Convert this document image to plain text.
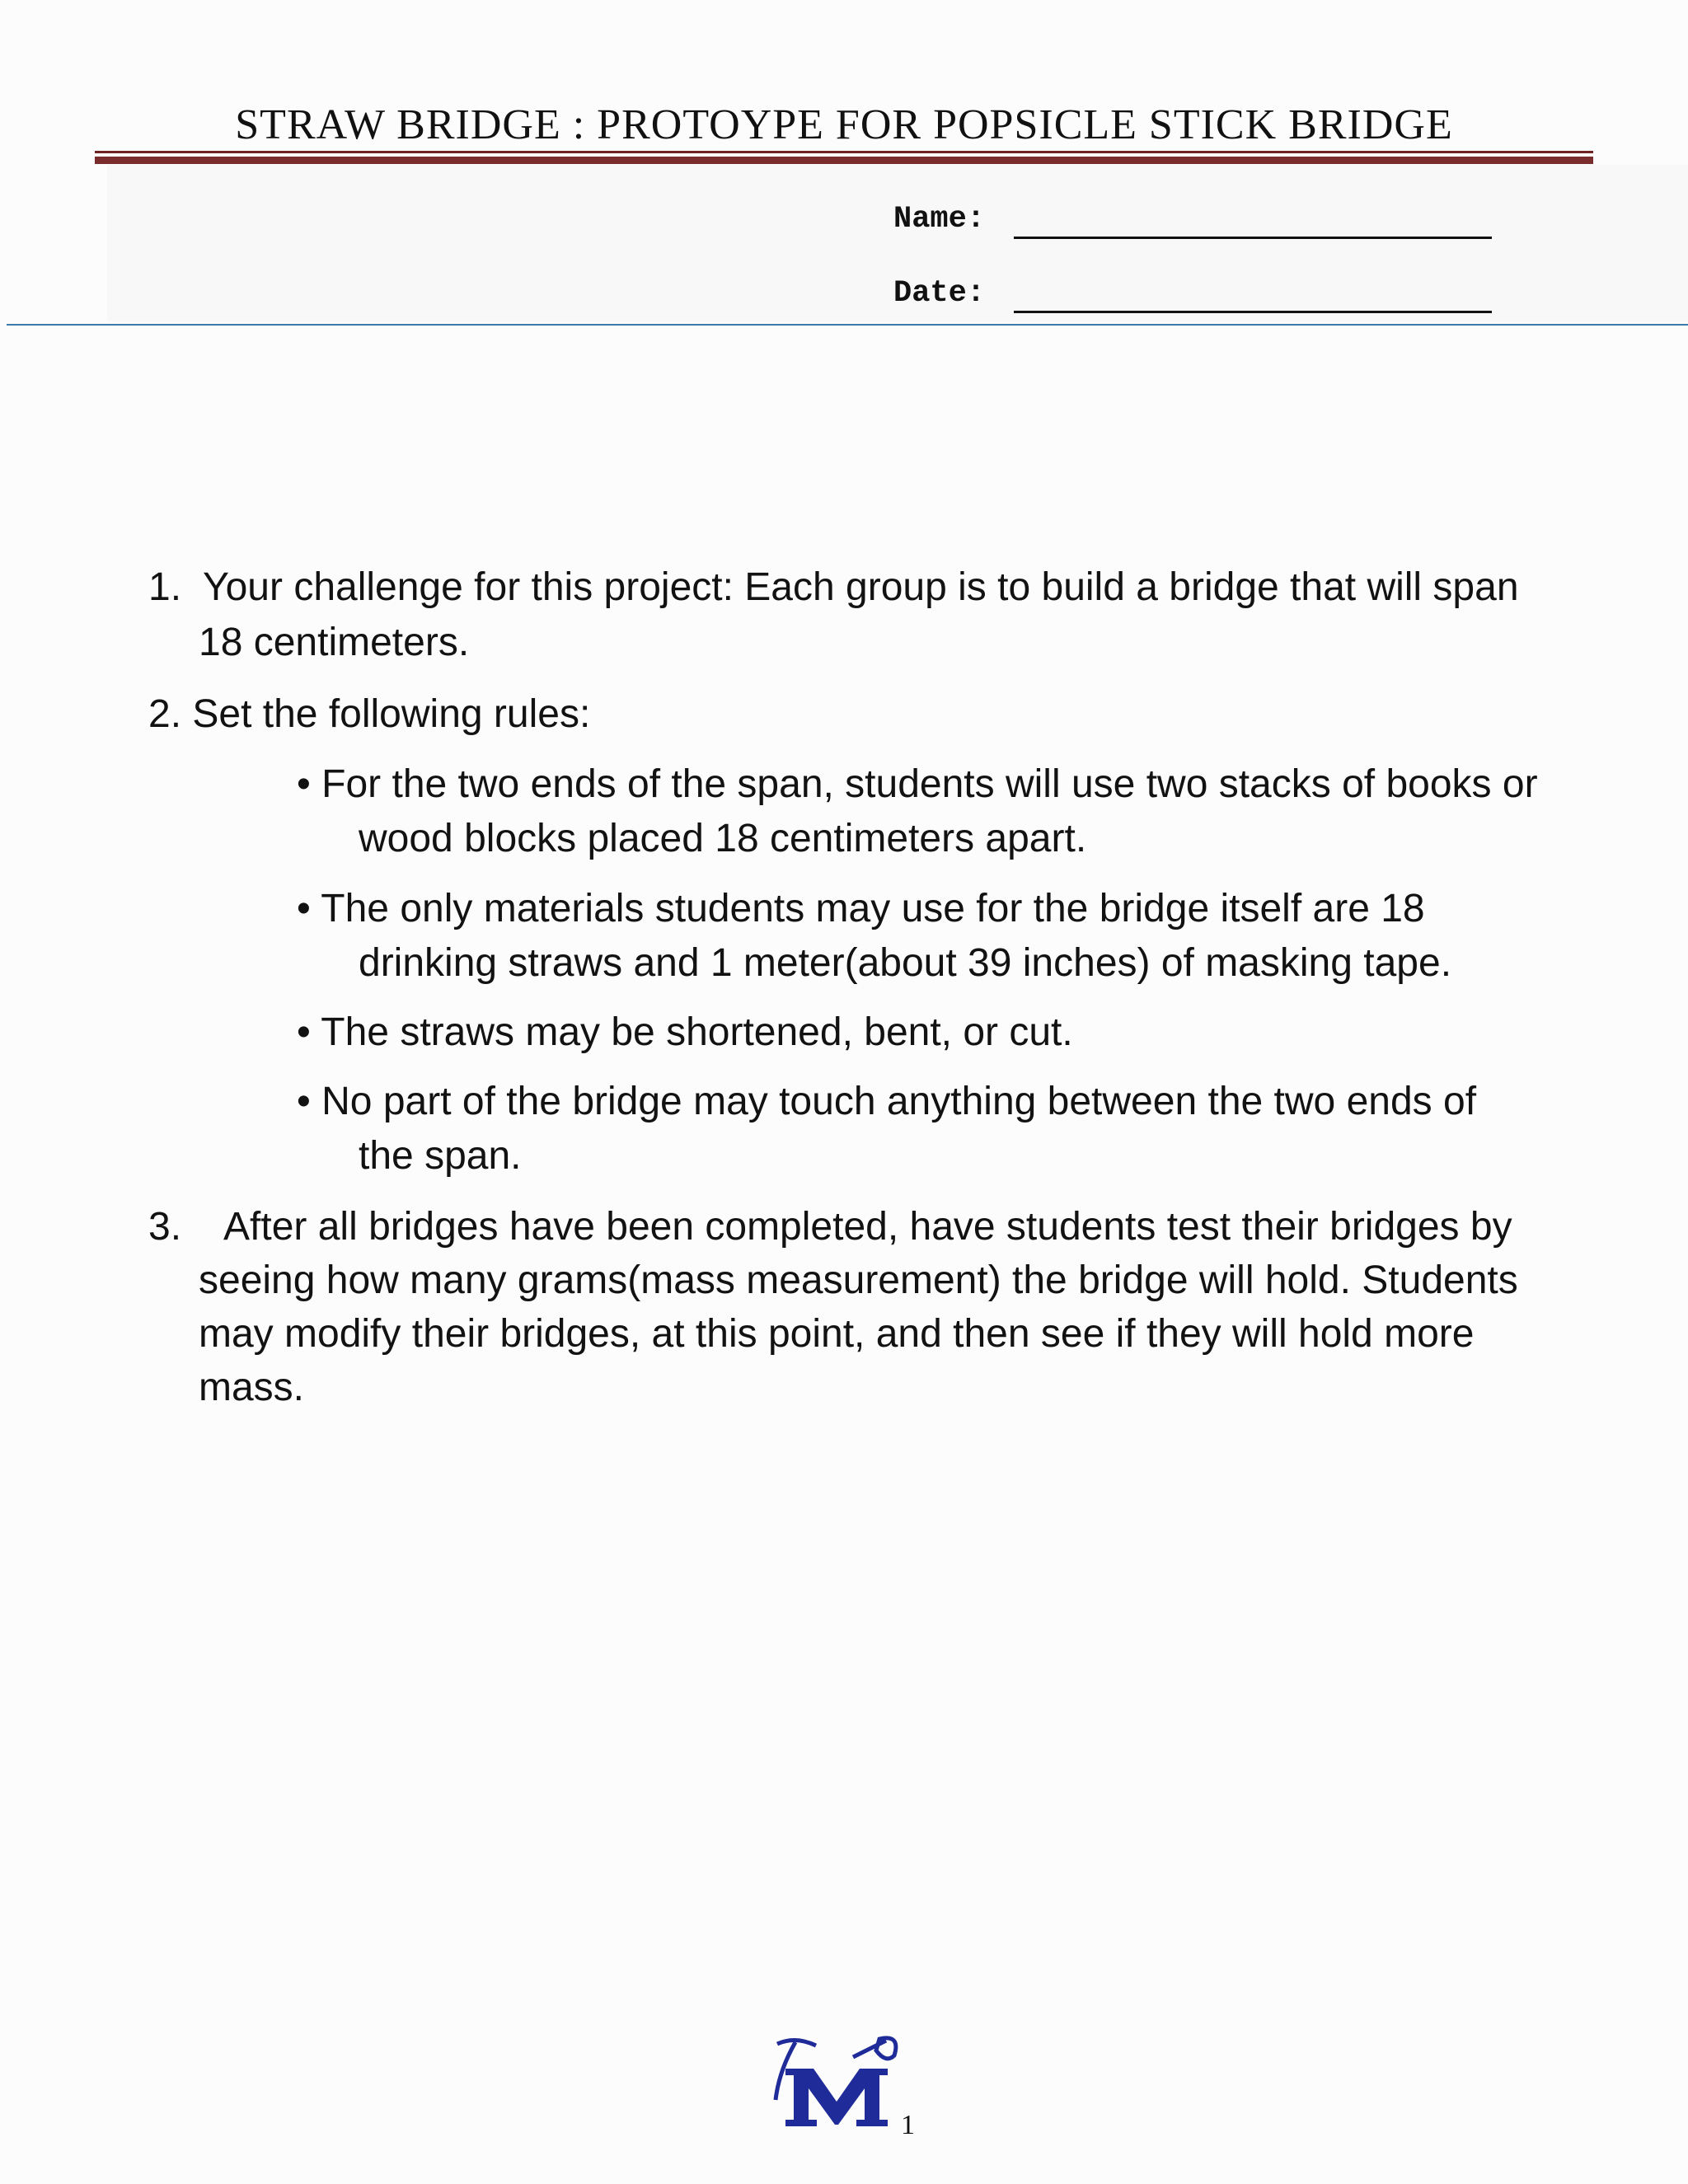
STRAW BRIDGE : PROTOYPE FOR POPSICLE STICK BRIDGE
Name:
Date:
1. Your challenge for this project: Each group is to build a bridge that will span
18 centimeters.
2. Set the following rules:
• For the two ends of the span, students will use two stacks of books or
wood blocks placed 18 centimeters apart.
• The only materials students may use for the bridge itself are 18
drinking straws and 1 meter(about 39 inches) of masking tape.
• The straws may be shortened, bent, or cut.
• No part of the bridge may touch anything between the two ends of
the span.
3. After all bridges have been completed, have students test their bridges by
seeing how many grams(mass measurement) the bridge will hold. Students
may modify their bridges, at this point, and then see if they will hold more
mass.
1
